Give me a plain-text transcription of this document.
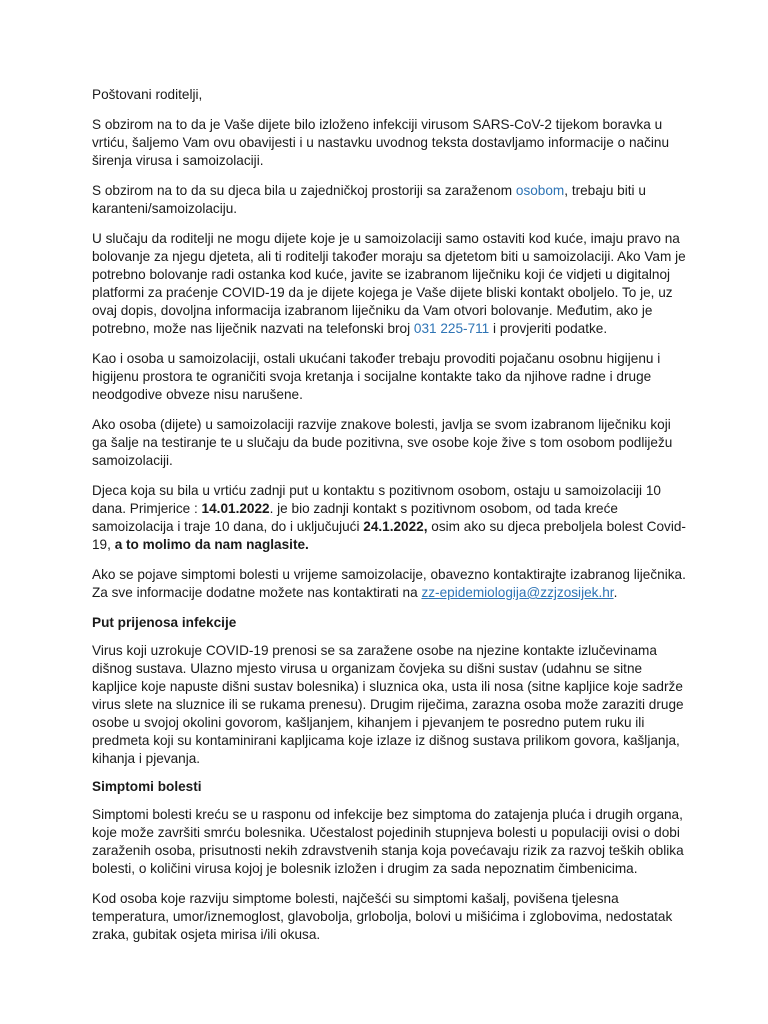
Poštovani roditelji,

S obzirom na to da je Vaše dijete bilo izloženo infekciji virusom SARS-CoV-2 tijekom boravka u vrtiću, šaljemo Vam ovu obavijesti i u nastavku uvodnog teksta dostavljamo informacije o načinu širenja virusa i samoizolaciji.

S obzirom na to da su djeca bila u zajedničkoj prostoriji sa zaraženom osobom, trebaju biti u karanteni/samoizolaciju.

U slučaju da roditelji ne mogu dijete koje je u samoizolaciji samo ostaviti kod kuće, imaju pravo na bolovanje za njegu djeteta, ali ti roditelji također moraju sa djetetom biti u samoizolaciji. Ako Vam je potrebno bolovanje radi ostanka kod kuće, javite se izabranom liječniku koji će vidjeti u digitalnoj platformi za praćenje COVID-19 da je dijete kojega je Vaše dijete bliski kontakt oboljelo. To je, uz ovaj dopis, dovoljna informacija izabranom liječniku da Vam otvori bolovanje. Međutim, ako je potrebno, može nas liječnik nazvati na telefonski broj 031 225-711 i provjeriti podatke.

Kao i osoba u samoizolaciji, ostali ukućani također trebaju provoditi pojačanu osobnu higijenu i higijenu prostora te ograničiti svoja kretanja i socijalne kontakte tako da njihove radne i druge neodgodive obveze nisu narušene.

Ako osoba (dijete) u samoizolaciji razvije znakove bolesti, javlja se svom izabranom liječniku koji ga šalje na testiranje te u slučaju da bude pozitivna, sve osobe koje žive s tom osobom podliježu samoizolaciji.

Djeca koja su bila u vrtiću zadnji put u kontaktu s pozitivnom osobom, ostaju u samoizolaciji 10 dana. Primjerice : 14.01.2022. je bio zadnji kontakt s pozitivnom osobom, od tada kreće samoizolacija i traje 10 dana, do i uključujući 24.1.2022, osim ako su djeca preboljela bolest Covid-19, a to molimo da nam naglasite.

Ako se pojave simptomi bolesti u vrijeme samoizolacije, obavezno kontaktirajte izabranog liječnika. Za sve informacije dodatne možete nas kontaktirati na zz-epidemiologija@zzjzosijek.hr.

Put prijenosa infekcije

Virus koji uzrokuje COVID-19 prenosi se sa zaražene osobe na njezine kontakte izlučevinama dišnog sustava. Ulazno mjesto virusa u organizam čovjeka su dišni sustav (udahnu se sitne kapljice koje napuste dišni sustav bolesnika) i sluznica oka, usta ili nosa (sitne kapljice koje sadrže virus slete na sluznice ili se rukama prenesu). Drugim riječima, zarazna osoba može zaraziti druge osobe u svojoj okolini govorom, kašljanjem, kihanjem i pjevanjem te posredno putem ruku ili predmeta koji su kontaminirani kapljicama koje izlaze iz dišnog sustava prilikom govora, kašljanja, kihanja i pjevanja.

Simptomi bolesti

Simptomi bolesti kreću se u rasponu od infekcije bez simptoma do zatajenja pluća i drugih organa, koje može završiti smrću bolesnika. Učestalost pojedinih stupnjeva bolesti u populaciji ovisi o dobi zaraženih osoba, prisutnosti nekih zdravstvenih stanja koja povećavaju rizik za razvoj teških oblika bolesti, o količini virusa kojoj je bolesnik izložen i drugim za sada nepoznatim čimbenicima.

Kod osoba koje razviju simptome bolesti, najčešći su simptomi kašalj, povišena tjelesna temperatura, umor/iznemoglost, glavobolja, grlobolja, bolovi u mišićima i zglobovima, nedostatak zraka, gubitak osjeta mirisa i/ili okusa.
